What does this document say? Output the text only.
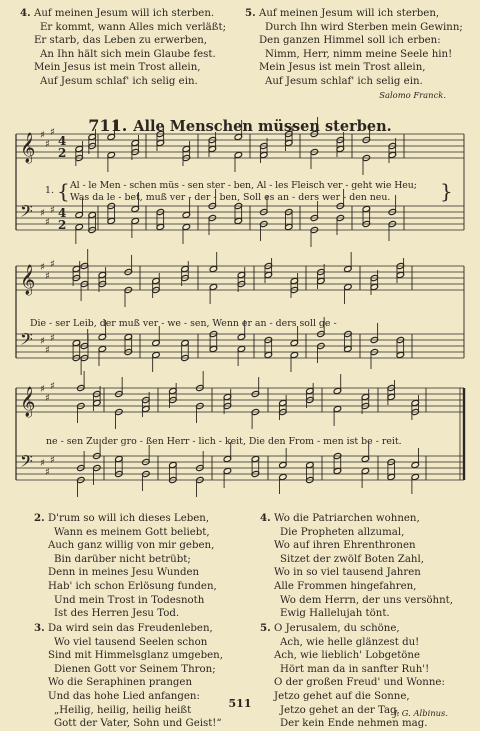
4. Auf meinen Jesum will ich sterben.
Er kommt, wann Alles mich verläßt;
Er starb, das Leben zu erwerben,
An Ihn hält sich mein Glaube fest.
Mein Jesus ist mein Trost allein,
Auf Jesum schlaf' ich selig ein.
5. Auf meinen Jesum will ich sterben,
Durch Ihn wird Sterben mein Gewinn;
Den ganzen Himmel soll ich erben:
Nimm, Herr, nimm meine Seele hin!
Mein Jesus ist mein Trost allein,
Auf Jesum schlaf' ich selig ein.
Salomo Franck.
711. Alle Menschen müssen sterben.
𝄞 ♯
♯
♯
4
2
𝄢 ♯
♯
♯ 4
2
𝄞 ♯
♯
♯
𝄢 ♯
♯
♯
𝄞 ♯
♯
♯
𝄢 ♯
♯
♯
1. { Al - le Men - schen müs - sen ster - ben, Al - les Fleisch ver - geht wie Heu;
Was da le - bet, muß ver - der - ben, Soll es an - ders wer - den neu. }
Die - ser Leib, der muß ver - we - sen, Wenn er an - ders soll ge -
ne - sen Zu der gro - ßen Herr - lich - keit, Die den From - men ist be - reit.
2. D'rum so will ich dieses Leben,
Wann es meinem Gott beliebt,
Auch ganz willig von mir geben,
Bin darüber nicht betrübt;
Denn in meines Jesu Wunden
Hab' ich schon Erlösung funden,
Und mein Trost in Todesnoth
Ist des Herren Jesu Tod.
3. Da wird sein das Freudenleben,
Wo viel tausend Seelen schon
Sind mit Himmelsglanz umgeben,
Dienen Gott vor Seinem Thron;
Wo die Seraphinen prangen
Und das hohe Lied anfangen:
„Heilig, heilig, heilig heißt
Gott der Vater, Sohn und Geist!“
4. Wo die Patriarchen wohnen,
Die Propheten allzumal,
Wo auf ihren Ehrenthronen
Sitzet der zwölf Boten Zahl,
Wo in so viel tausend Jahren
Alle Frommen hingefahren,
Wo dem Herrn, der uns versöhnt,
Ewig Hallelujah tönt.
5. O Jerusalem, du schöne,
Ach, wie helle glänzest du!
Ach, wie lieblich' Lobgetöne
Hört man da in sanfter Ruh'!
O der großen Freud' und Wonne:
Jetzo gehet auf die Sonne,
Jetzo gehet an der Tag,
Der kein Ende nehmen mag.
J. G. Albinus.
511
